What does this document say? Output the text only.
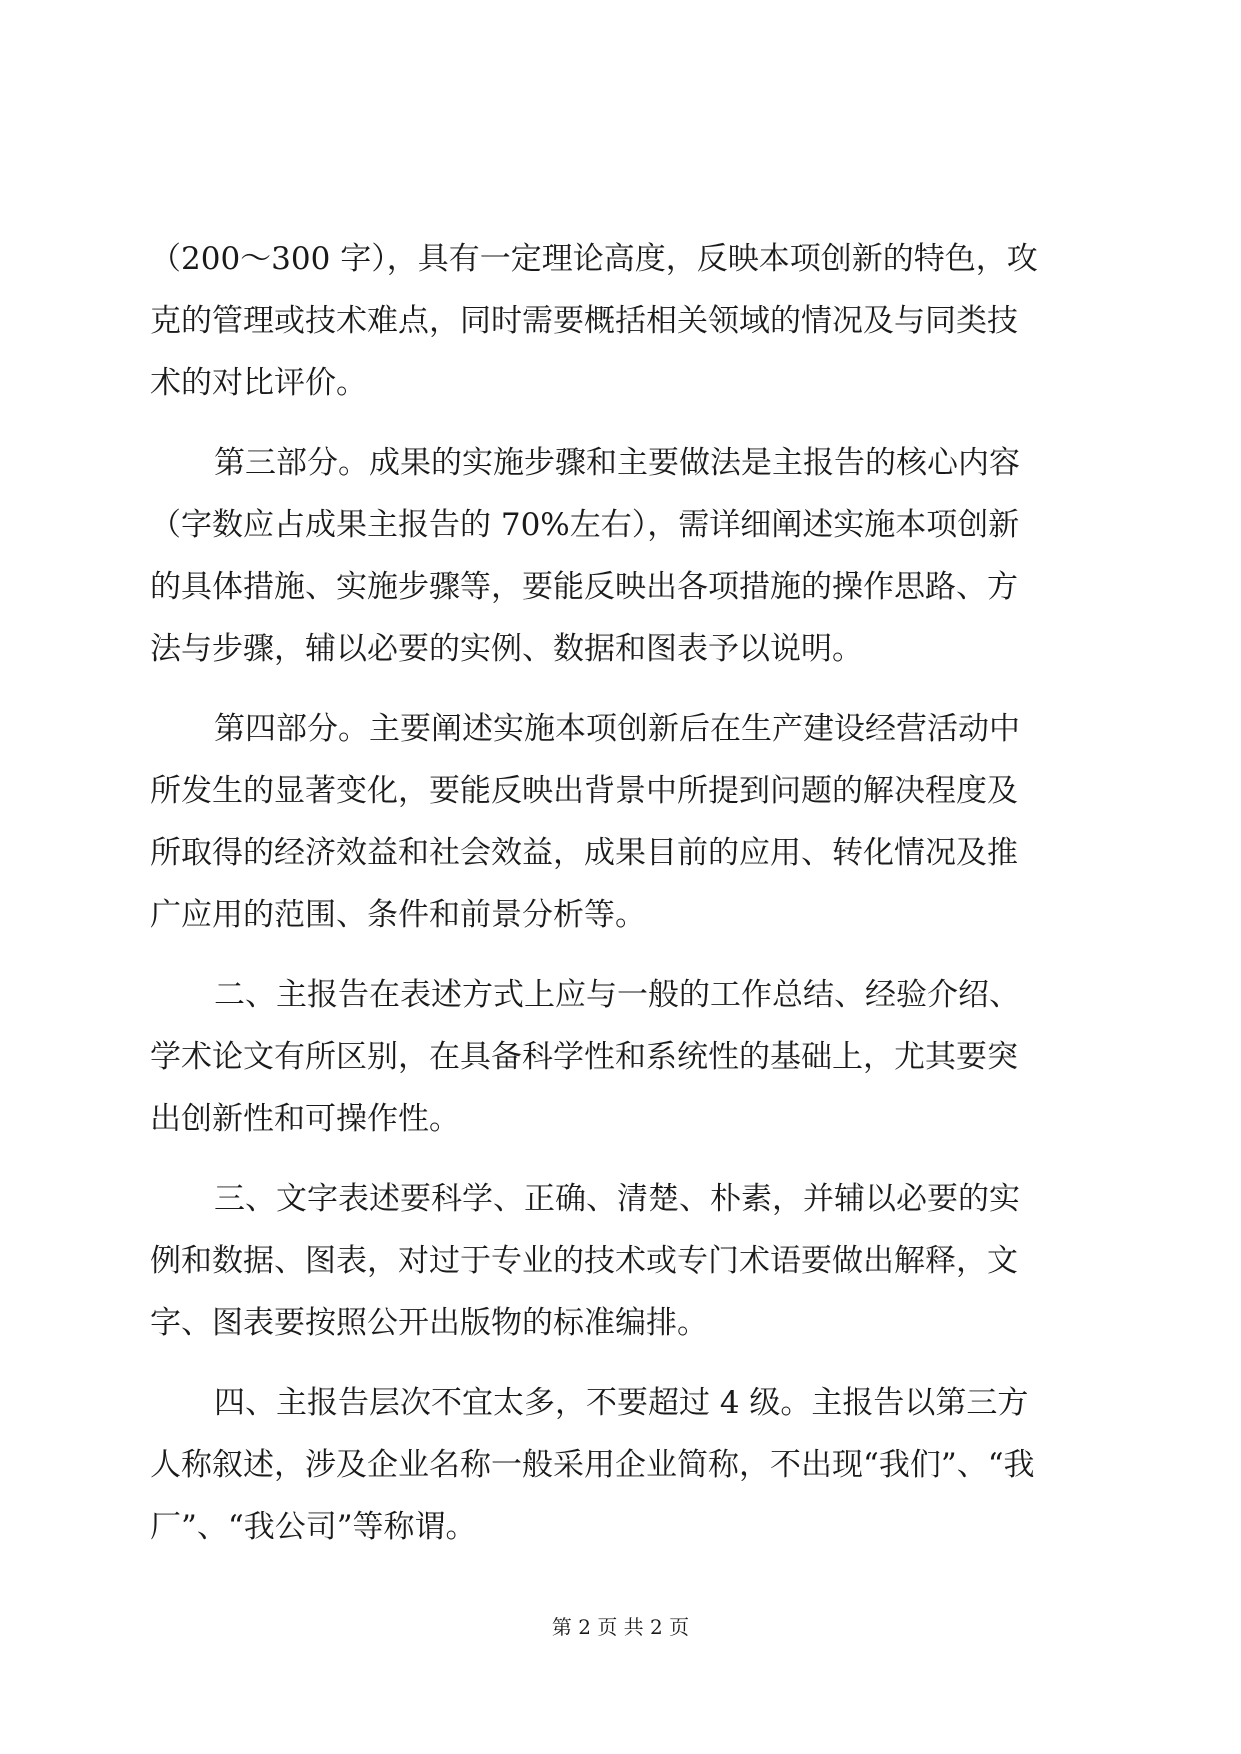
（200～300 字），具有一定理论高度，反映本项创新的特色，攻
克的管理或技术难点，同时需要概括相关领域的情况及与同类技
术的对比评价。
第三部分。成果的实施步骤和主要做法是主报告的核心内容
（字数应占成果主报告的 70%左右），需详细阐述实施本项创新
的具体措施、实施步骤等，要能反映出各项措施的操作思路、方
法与步骤，辅以必要的实例、数据和图表予以说明。
第四部分。主要阐述实施本项创新后在生产建设经营活动中
所发生的显著变化，要能反映出背景中所提到问题的解决程度及
所取得的经济效益和社会效益，成果目前的应用、转化情况及推
广应用的范围、条件和前景分析等。
二、主报告在表述方式上应与一般的工作总结、经验介绍、
学术论文有所区别，在具备科学性和系统性的基础上，尤其要突
出创新性和可操作性。
三、文字表述要科学、正确、清楚、朴素，并辅以必要的实
例和数据、图表，对过于专业的技术或专门术语要做出解释，文
字、图表要按照公开出版物的标准编排。
四、主报告层次不宜太多，不要超过 4 级。主报告以第三方
人称叙述，涉及企业名称一般采用企业简称，不出现“我们”、“我
厂”、“我公司”等称谓。
第 2 页 共 2 页
